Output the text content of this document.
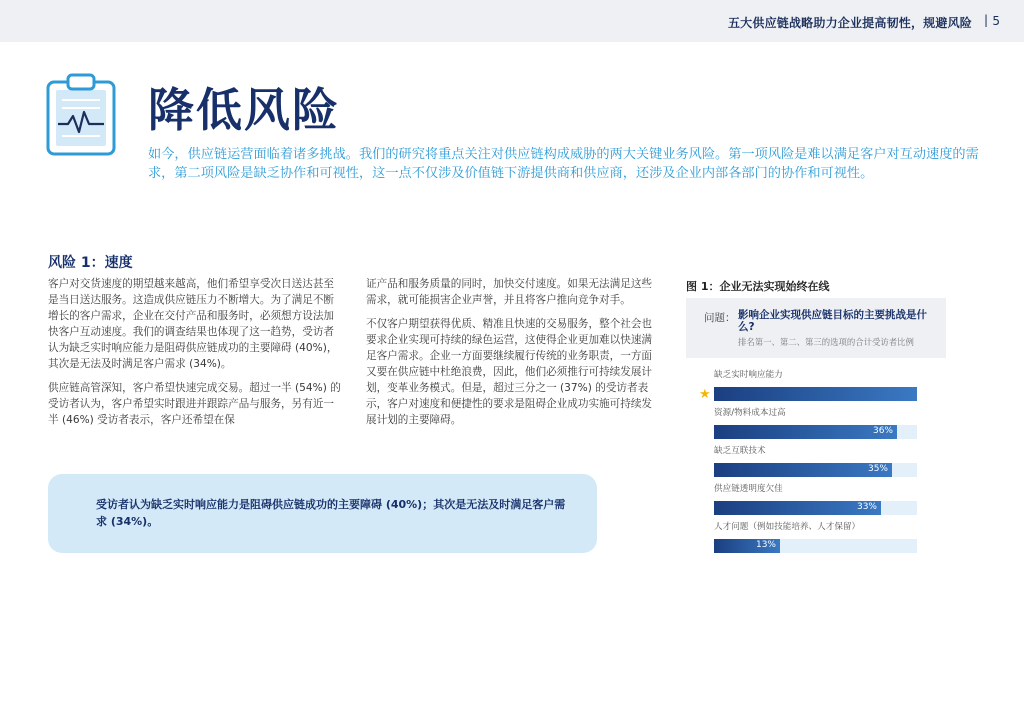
五大供应链战略助力企业提高韧性，规避风险 | 5
降低风险

如今，供应链运营面临着诸多挑战。我们的研究将重点关注对供应链构成威胁的两大关键业务风险。第一项风险是难以满足客户对互动速度的需求，第二项风险是缺乏协作和可视性，这一点不仅涉及价值链下游提供商和供应商，还涉及企业内部各部门的协作和可视性。

风险 1：速度

客户对交货速度的期望越来越高，他们希望享受次日送达甚至是当日送达服务。这造成供应链压力不断增大。为了满足不断增长的客户需求，企业在交付产品和服务时，必须想方设法加快客户互动速度。我们的调查结果也体现了这一趋势，受访者认为缺乏实时响应能力是阻碍供应链成功的主要障碍 (40%)，其次是无法及时满足客户需求 (34%)。

供应链高管深知，客户希望快速完成交易。超过一半 (54%) 的受访者认为，客户希望实时跟进并跟踪产品与服务，另有近一半 (46%) 受访者表示，客户还希望在保

证产品和服务质量的同时，加快交付速度。如果无法满足这些需求，就可能损害企业声誉，并且将客户推向竞争对手。

不仅客户期望获得优质、精准且快速的交易服务，整个社会也要求企业实现可持续的绿色运营，这使得企业更加难以快速满足客户需求。企业一方面要继续履行传统的业务职责，一方面又要在供应链中杜绝浪费，因此，他们必须推行可持续发展计划，变革业务模式。但是，超过三分之一 (37%) 的受访者表示，客户对速度和便捷性的要求是阻碍企业成功实施可持续发展计划的主要障碍。

受访者认为缺乏实时响应能力是阻碍供应链成功的主要障碍 (40%)；其次是无法及时满足客户需求 (34%)。

图 1：企业无法实现始终在线

问题： 影响企业实现供应链目标的主要挑战是什么?

排名第一、第二、第三的选项的合计受访者比例
缺乏实时响应能力
★
资源/物料成本过高
36%
缺乏互联技术
35%
供应链透明度欠佳
33%
人才问题（例如技能培养、人才保留）
13%
